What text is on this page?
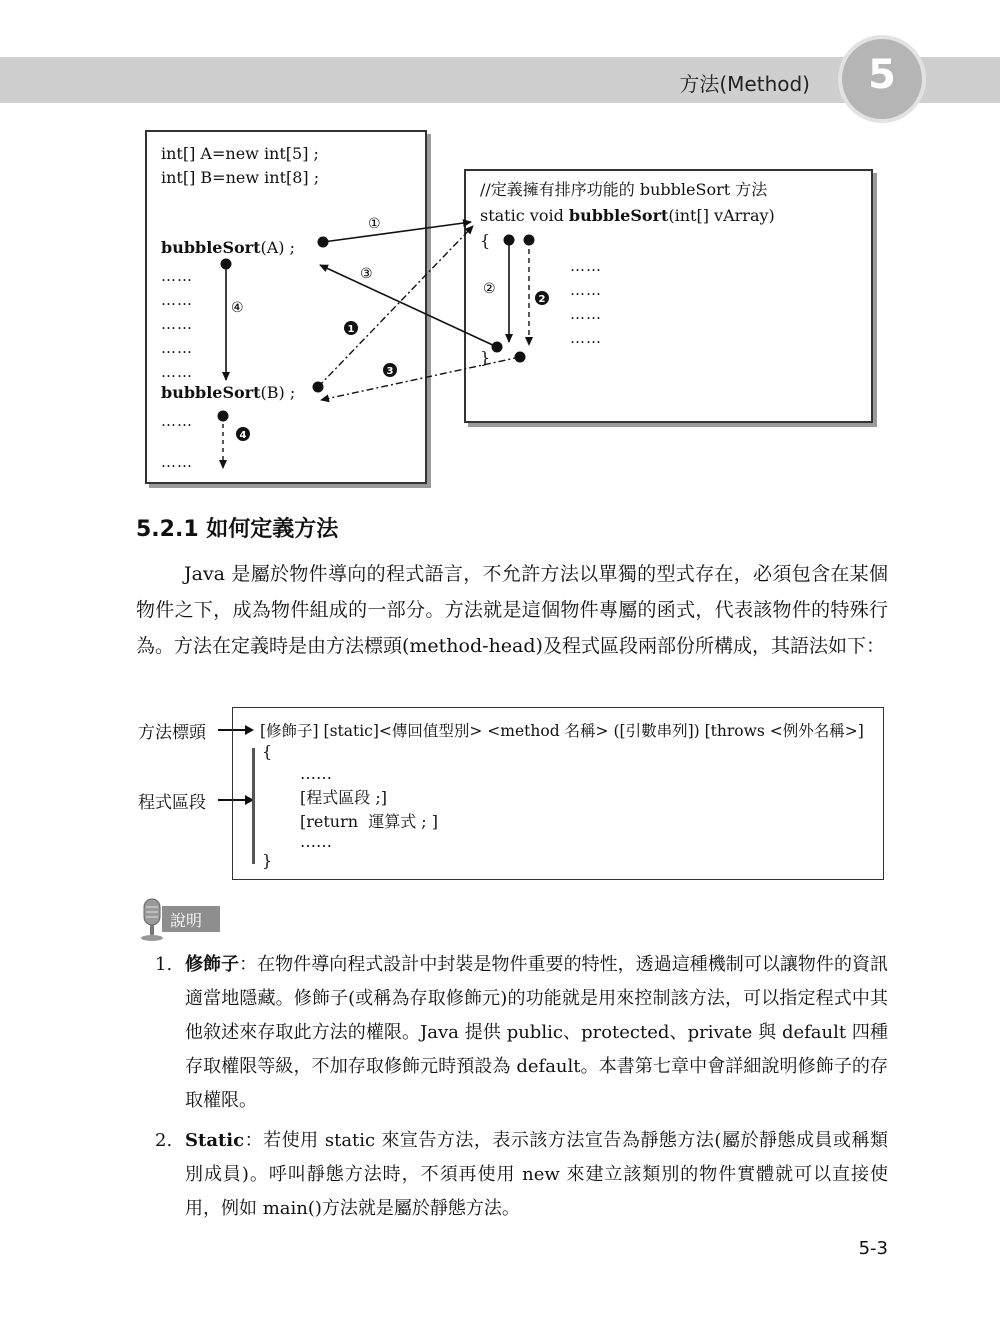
方法(Method)	5
int[] A=new int[5] ;
int[] B=new int[8] ;
bubbleSort(A) ;
……
……
……
……
……
bubbleSort(B) ;
……
……
//定義擁有排序功能的 bubbleSort 方法
static void bubbleSort(int[] vArray)
{
……
……
……
……
}
①
②
③
④
1
2
3
4
5.2.1 如何定義方法

Java 是屬於物件導向的程式語言，不允許方法以單獨的型式存在，必須包含在某個物件之下，成為物件組成的一部分。方法就是這個物件專屬的函式，代表該物件的特殊行為。方法在定義時是由方法標頭(method-head)及程式區段兩部份所構成，其語法如下：

方法標頭
程式區段
[修飾子] [static]<傳回值型別> <method 名稱> ([引數串列]) [throws <例外名稱>]
{
……
[程式區段 ;]
[return  運算式 ; ]
……
}
說明
1. 修飾子：在物件導向程式設計中封裝是物件重要的特性，透過這種機制可以讓物件的資訊適當地隱藏。修飾子(或稱為存取修飾元)的功能就是用來控制該方法，可以指定程式中其他敘述來存取此方法的權限。Java 提供 public、protected、private 與 default 四種存取權限等級，不加存取修飾元時預設為 default。本書第七章中會詳細說明修飾子的存取權限。
2. Static：若使用 static 來宣告方法，表示該方法宣告為靜態方法(屬於靜態成員或稱類別成員)。呼叫靜態方法時，不須再使用 new 來建立該類別的物件實體就可以直接使用，例如 main()方法就是屬於靜態方法。
5-3
